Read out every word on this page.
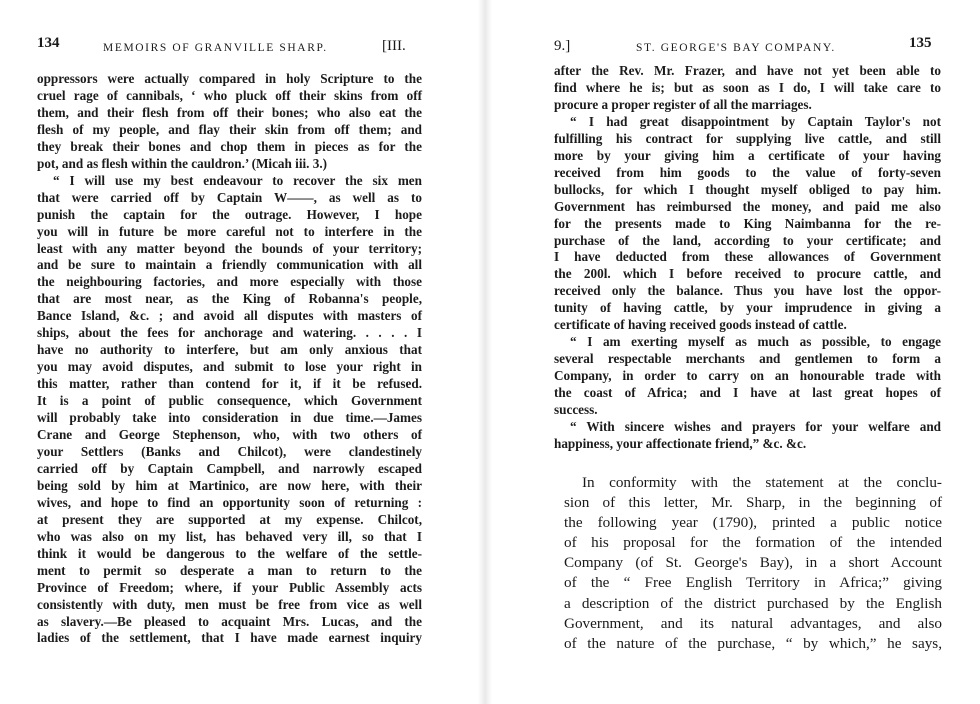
134	MEMOIRS OF GRANVILLE SHARP.	[III.
oppressors were actually compared in holy Scripture to the
cruel rage of cannibals, ‘ who pluck off their skins from off
them, and their flesh from off their bones; who also eat the
flesh of my people, and flay their skin from off them; and
they break their bones and chop them in pieces as for the
pot, and as flesh within the cauldron.’ (Micah iii. 3.)
“ I will use my best endeavour to recover the six men
that were carried off by Captain W——, as well as to
punish the captain for the outrage. However, I hope
you will in future be more careful not to interfere in the
least with any matter beyond the bounds of your territory;
and be sure to maintain a friendly communication with all
the neighbouring factories, and more especially with those
that are most near, as the King of Robanna's people,
Bance Island, &c. ; and avoid all disputes with masters of
ships, about the fees for anchorage and watering. . . . . I
have no authority to interfere, but am only anxious that
you may avoid disputes, and submit to lose your right in
this matter, rather than contend for it, if it be refused.
It is a point of public consequence, which Government
will probably take into consideration in due time.—James
Crane and George Stephenson, who, with two others of
your Settlers (Banks and Chilcot), were clandestinely
carried off by Captain Campbell, and narrowly escaped
being sold by him at Martinico, are now here, with their
wives, and hope to find an opportunity soon of returning :
at present they are supported at my expense. Chilcot,
who was also on my list, has behaved very ill, so that I
think it would be dangerous to the welfare of the settle-
ment to permit so desperate a man to return to the
Province of Freedom; where, if your Public Assembly acts
consistently with duty, men must be free from vice as well
as slavery.—Be pleased to acquaint Mrs. Lucas, and the
ladies of the settlement, that I have made earnest inquiry
9.]	ST. GEORGE'S BAY COMPANY.	135
after the Rev. Mr. Frazer, and have not yet been able to
find where he is; but as soon as I do, I will take care to
procure a proper register of all the marriages.
“ I had great disappointment by Captain Taylor's not
fulfilling his contract for supplying live cattle, and still
more by your giving him a certificate of your having
received from him goods to the value of forty-seven
bullocks, for which I thought myself obliged to pay him.
Government has reimbursed the money, and paid me also
for the presents made to King Naimbanna for the re-
purchase of the land, according to your certificate; and
I have deducted from these allowances of Government
the 200l. which I before received to procure cattle, and
received only the balance. Thus you have lost the oppor-
tunity of having cattle, by your imprudence in giving a
certificate of having received goods instead of cattle.
“ I am exerting myself as much as possible, to engage
several respectable merchants and gentlemen to form a
Company, in order to carry on an honourable trade with
the coast of Africa; and I have at last great hopes of
success.
“ With sincere wishes and prayers for your welfare and
happiness, your affectionate friend,” &c. &c.
In conformity with the statement at the conclu-
sion of this letter, Mr. Sharp, in the beginning of
the following year (1790), printed a public notice
of his proposal for the formation of the intended
Company (of St. George's Bay), in a short Account
of the “ Free English Territory in Africa;” giving
a description of the district purchased by the English
Government, and its natural advantages, and also
of the nature of the purchase, “ by which,” he says,
